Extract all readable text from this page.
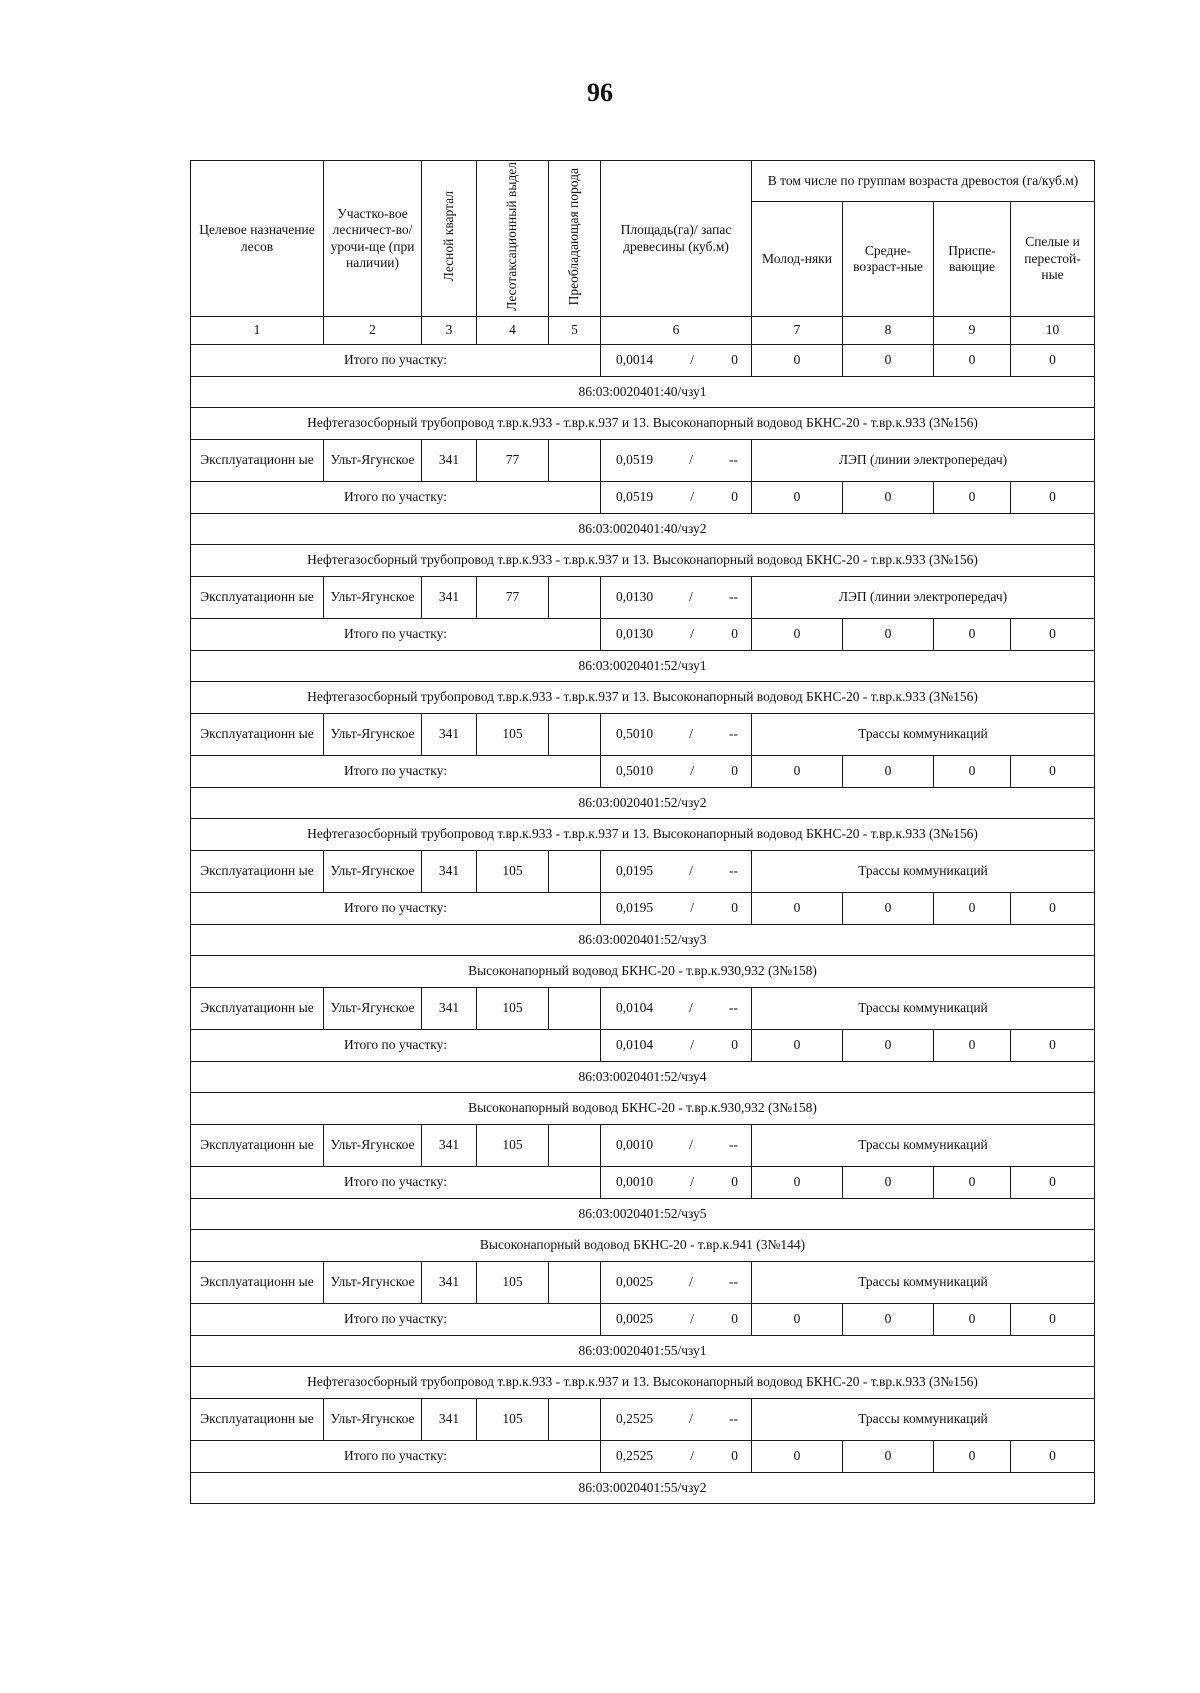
96
Целевое назначение лесов	Участко-вое лесничест-во/урочи-ще (при наличии)	Лесной квартал	Лесотаксационный выдел	Преобладающая порода	Площадь(га)/ запас древесины (куб.м)	В том числе по группам возраста древостоя (га/куб.м)			
						Молод-няки	Средне-возраст-ные	Приспе-вающие	Спелые и перестой-ные
1	2	3	4	5	6	7	8	9	10
Итого по участку:					0,0014 / 0	0	0	0	0
86:03:0020401:40/чзу1									
Нефтегазосборный трубопровод т.вр.к.933 - т.вр.к.937 и 13. Высоконапорный водовод БКНС-20 - т.вр.к.933 (3№156)									
Эксплуатационн ые	Ульт-Ягунское	341	77		0,0519 / --	ЛЭП (линии электропередач)			
Итого по участку:					0,0519 / 0	0	0	0	0
86:03:0020401:40/чзу2									
Нефтегазосборный трубопровод т.вр.к.933 - т.вр.к.937 и 13. Высоконапорный водовод БКНС-20 - т.вр.к.933 (3№156)									
Эксплуатационн ые	Ульт-Ягунское	341	77		0,0130 / --	ЛЭП (линии электропередач)			
Итого по участку:					0,0130 / 0	0	0	0	0
86:03:0020401:52/чзу1									
Нефтегазосборный трубопровод т.вр.к.933 - т.вр.к.937 и 13. Высоконапорный водовод БКНС-20 - т.вр.к.933 (3№156)									
Эксплуатационн ые	Ульт-Ягунское	341	105		0,5010 / --	Трассы коммуникаций			
Итого по участку:					0,5010 / 0	0	0	0	0
86:03:0020401:52/чзу2									
Нефтегазосборный трубопровод т.вр.к.933 - т.вр.к.937 и 13. Высоконапорный водовод БКНС-20 - т.вр.к.933 (3№156)									
Эксплуатационн ые	Ульт-Ягунское	341	105		0,0195 / --	Трассы коммуникаций			
Итого по участку:					0,0195 / 0	0	0	0	0
86:03:0020401:52/чзу3									
Высоконапорный водовод БКНС-20 - т.вр.к.930,932 (3№158)									
Эксплуатационн ые	Ульт-Ягунское	341	105		0,0104 / --	Трассы коммуникаций			
Итого по участку:					0,0104 / 0	0	0	0	0
86:03:0020401:52/чзу4									
Высоконапорный водовод БКНС-20 - т.вр.к.930,932 (3№158)									
Эксплуатационн ые	Ульт-Ягунское	341	105		0,0010 / --	Трассы коммуникаций			
Итого по участку:					0,0010 / 0	0	0	0	0
86:03:0020401:52/чзу5									
Высоконапорный водовод БКНС-20 - т.вр.к.941 (3№144)									
Эксплуатационн ые	Ульт-Ягунское	341	105		0,0025 / --	Трассы коммуникаций			
Итого по участку:					0,0025 / 0	0	0	0	0
86:03:0020401:55/чзу1									
Нефтегазосборный трубопровод т.вр.к.933 - т.вр.к.937 и 13. Высоконапорный водовод БКНС-20 - т.вр.к.933 (3№156)									
Эксплуатационн ые	Ульт-Ягунское	341	105		0,2525 / --	Трассы коммуникаций			
Итого по участку:					0,2525 / 0	0	0	0	0
86:03:0020401:55/чзу2									
